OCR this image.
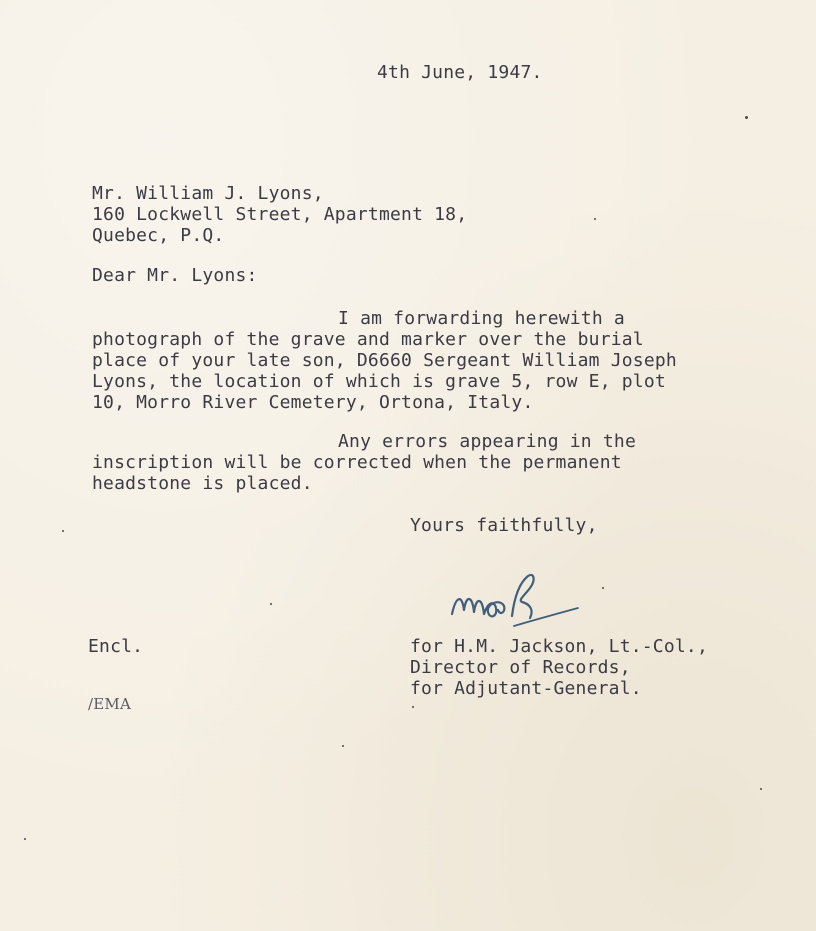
4th June, 1947.
Mr. William J. Lyons,
160 Lockwell Street, Apartment 18,
Quebec, P.Q.
Dear Mr. Lyons:
I am forwarding herewith a
photograph of the grave and marker over the burial
place of your late son, D6660 Sergeant William Joseph
Lyons, the location of which is grave 5, row E, plot
10, Morro River Cemetery, Ortona, Italy.
Any errors appearing in the
inscription will be corrected when the permanent
headstone is placed.
Yours faithfully,
Encl.	for H.M. Jackson, Lt.-Col.,
Director of Records,
for Adjutant-General.
/EMA
